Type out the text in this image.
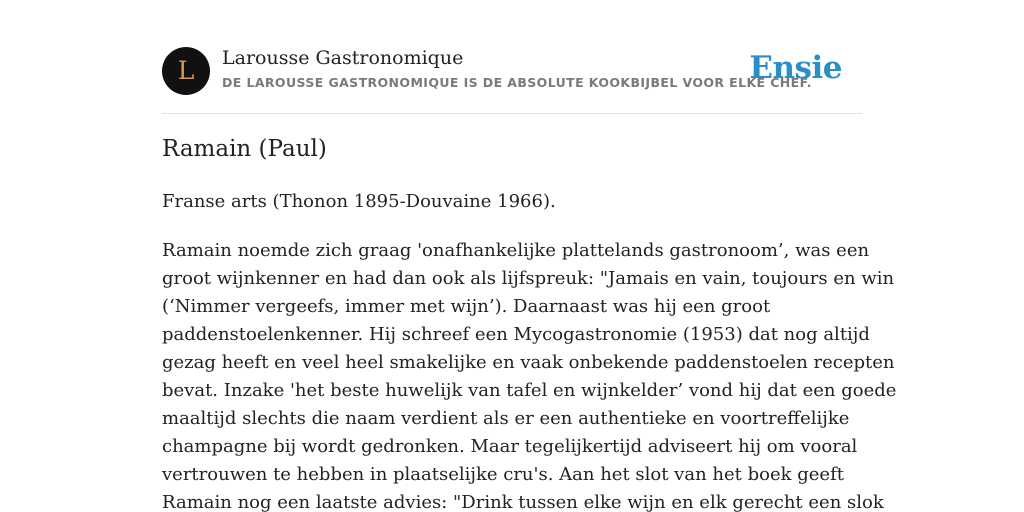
L	Larousse Gastronomique
DE LAROUSSE GASTRONOMIQUE IS DE ABSOLUTE KOOKBIJBEL VOOR ELKE CHEF.
Ensie
Ramain (Paul)

Franse arts (Thonon 1895-Douvaine 1966).

Ramain noemde zich graag 'onafhankelijke plattelands gastronoom’, was een
groot wijnkenner en had dan ook als lijfspreuk: "Jamais en vain, toujours en win
(‘Nimmer vergeefs, immer met wijn’). Daarnaast was hij een groot
paddenstoelenkenner. Hij schreef een Mycogastronomie (1953) dat nog altijd
gezag heeft en veel heel smakelijke en vaak onbekende paddenstoelen recepten
bevat. Inzake 'het beste huwelijk van tafel en wijnkelder’ vond hij dat een goede
maaltijd slechts die naam verdient als er een authentieke en voortreffelijke
champagne bij wordt gedronken. Maar tegelijkertijd adviseert hij om vooral
vertrouwen te hebben in plaatselijke cru's. Aan het slot van het boek geeft
Ramain nog een laatste advies: "Drink tussen elke wijn en elk gerecht een slok
